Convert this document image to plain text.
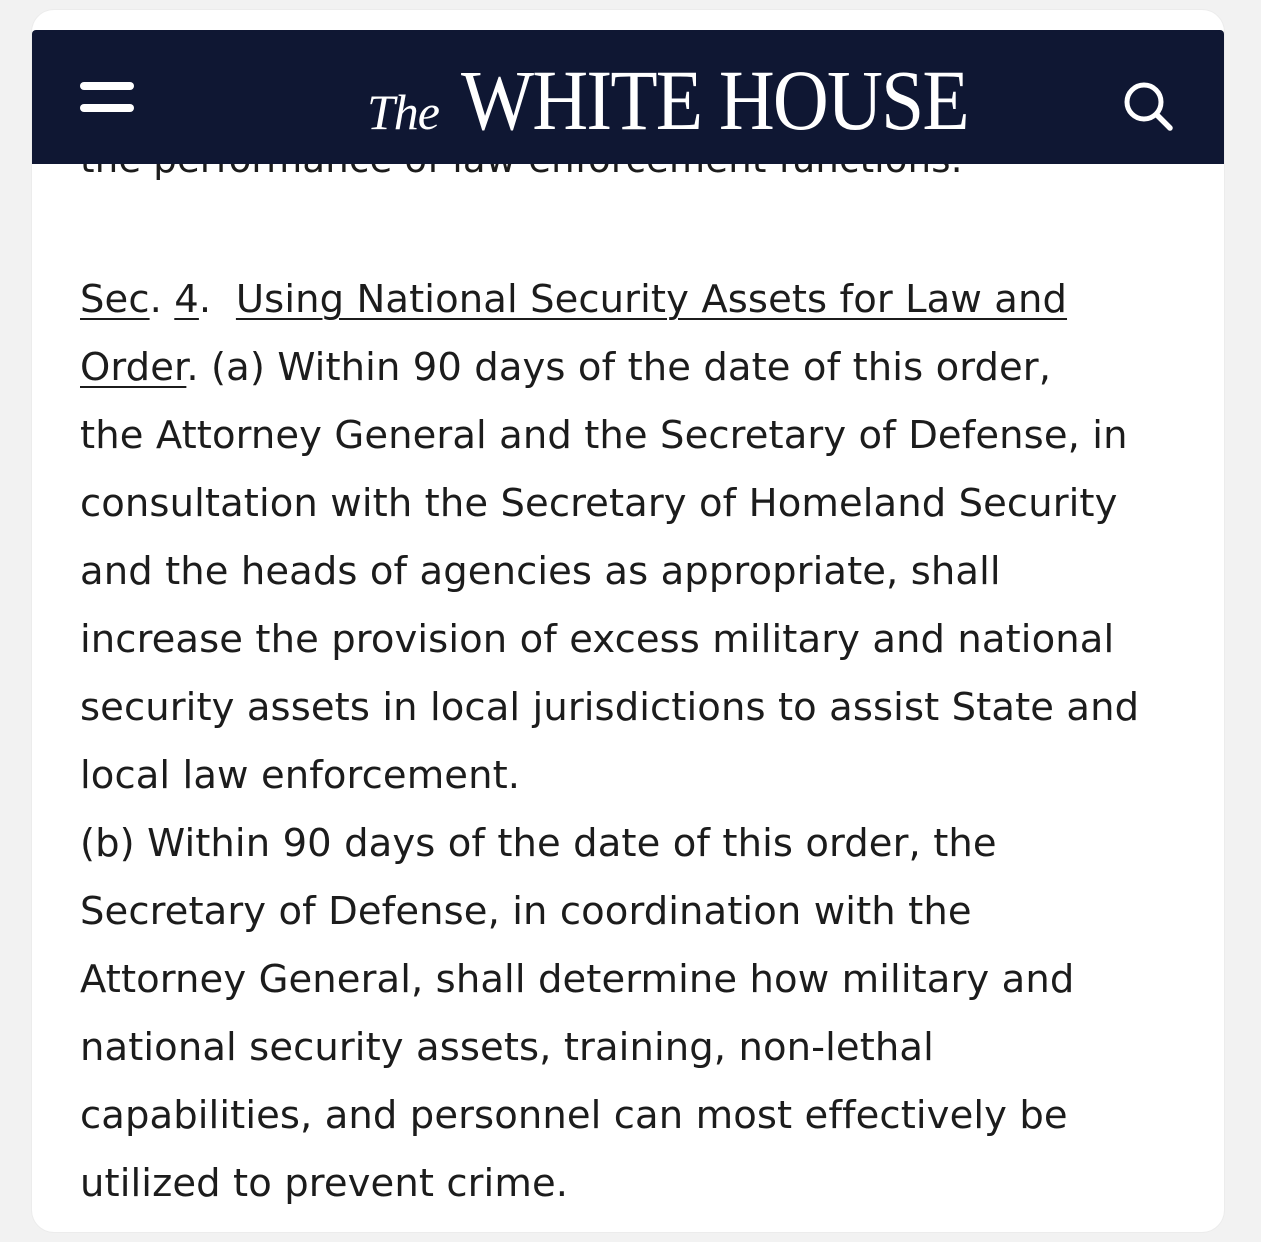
The WHITE HOUSE

Sec. 4.  Using National Security Assets for Law and
Order. (a) Within 90 days of the date of this order,
the Attorney General and the Secretary of Defense, in
consultation with the Secretary of Homeland Security
and the heads of agencies as appropriate, shall
increase the provision of excess military and national
security assets in local jurisdictions to assist State and
local law enforcement.

(b) Within 90 days of the date of this order, the
Secretary of Defense, in coordination with the
Attorney General, shall determine how military and
national security assets, training, non-lethal
capabilities, and personnel can most effectively be
utilized to prevent crime.
